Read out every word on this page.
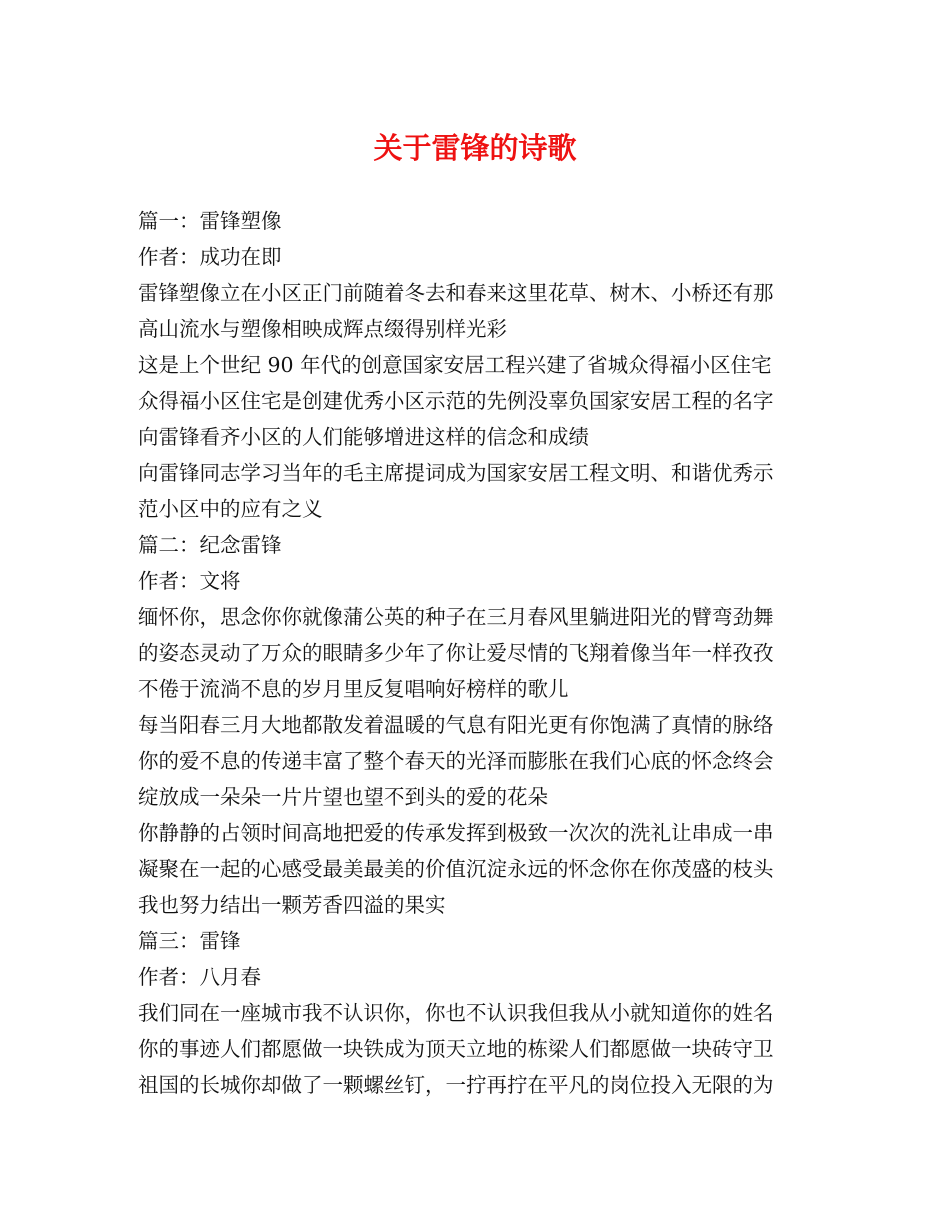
关于雷锋的诗歌
篇一：雷锋塑像
作者：成功在即
雷锋塑像立在小区正门前随着冬去和春来这里花草、树木、小桥还有那
高山流水与塑像相映成辉点缀得别样光彩
这是上个世纪 90 年代的创意国家安居工程兴建了省城众得福小区住宅
众得福小区住宅是创建优秀小区示范的先例没辜负国家安居工程的名字
向雷锋看齐小区的人们能够增进这样的信念和成绩
向雷锋同志学习当年的毛主席提词成为国家安居工程文明、和谐优秀示
范小区中的应有之义
篇二：纪念雷锋
作者：文将
缅怀你，思念你你就像蒲公英的种子在三月春风里躺进阳光的臂弯劲舞
的姿态灵动了万众的眼睛多少年了你让爱尽情的飞翔着像当年一样孜孜
不倦于流淌不息的岁月里反复唱响好榜样的歌儿
每当阳春三月大地都散发着温暖的气息有阳光更有你饱满了真情的脉络
你的爱不息的传递丰富了整个春天的光泽而膨胀在我们心底的怀念终会
绽放成一朵朵一片片望也望不到头的爱的花朵
你静静的占领时间高地把爱的传承发挥到极致一次次的洗礼让串成一串
凝聚在一起的心感受最美最美的价值沉淀永远的怀念你在你茂盛的枝头
我也努力结出一颗芳香四溢的果实
篇三：雷锋
作者：八月春
我们同在一座城市我不认识你，你也不认识我但我从小就知道你的姓名
你的事迹人们都愿做一块铁成为顶天立地的栋梁人们都愿做一块砖守卫
祖国的长城你却做了一颗螺丝钉，一拧再拧在平凡的岗位投入无限的为
